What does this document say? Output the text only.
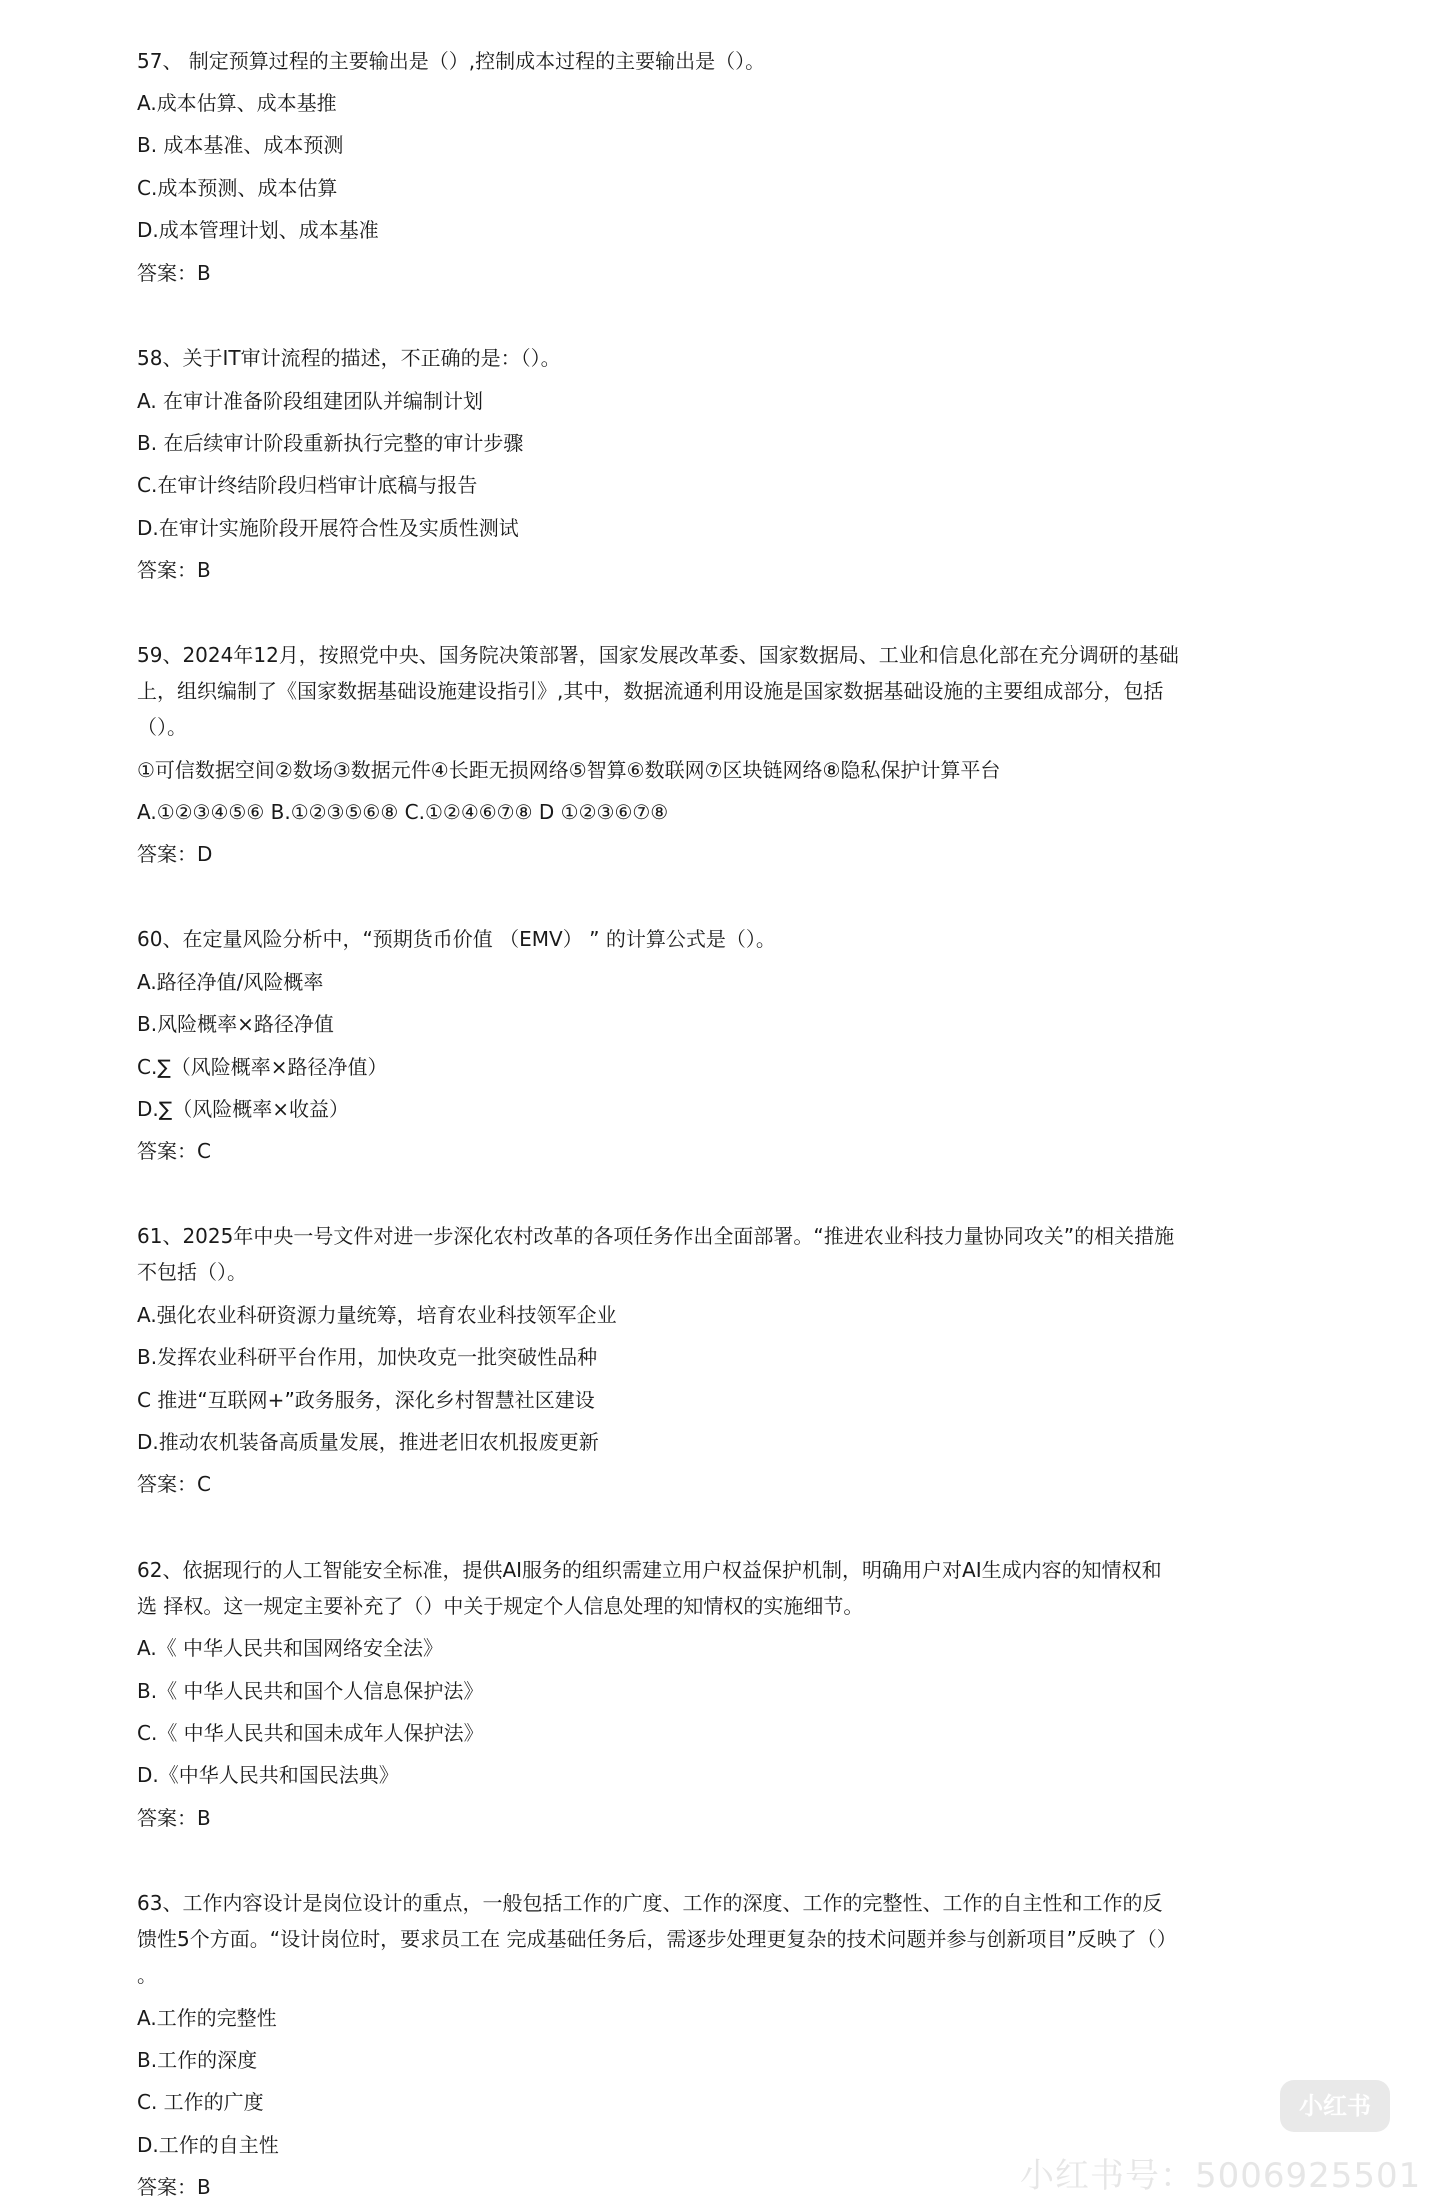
57、 制定预算过程的主要输出是（）,控制成本过程的主要输出是（）。
A.成本估算、成本基推
B. 成本基准、成本预测
C.成本预测、成本估算
D.成本管理计划、成本基准
答案：B
58、关于IT审计流程的描述，不正确的是：（）。
A. 在审计准备阶段组建团队并编制计划
B. 在后续审计阶段重新执行完整的审计步骤
C.在审计终结阶段归档审计底稿与报告
D.在审计实施阶段开展符合性及实质性测试
答案：B
59、2024年12月，按照党中央、国务院决策部署，国家发展改革委、国家数据局、工业和信息化部在充分调研的基础
上，组织编制了《国家数据基础设施建设指引》,其中，数据流通利用设施是国家数据基础设施的主要组成部分，包括
（）。
①可信数据空间②数场③数据元件④长距无损网络⑤智算⑥数联网⑦区块链网络⑧隐私保护计算平台
A.①②③④⑤⑥ B.①②③⑤⑥⑧ C.①②④⑥⑦⑧ D ①②③⑥⑦⑧
答案：D
60、在定量风险分析中，“预期货币价值 （EMV） ” 的计算公式是（）。
A.路径净值/风险概率
B.风险概率×路径净值
C.∑（风险概率×路径净值）
D.∑（风险概率×收益）
答案：C
61、2025年中央一号文件对进一步深化农村改革的各项任务作出全面部署。“推进农业科技力量协同攻关”的相关措施
不包括（）。
A.强化农业科研资源力量统筹，培育农业科技领军企业
B.发挥农业科研平台作用，加快攻克一批突破性品种
C 推进“互联网+”政务服务，深化乡村智慧社区建设
D.推动农机装备高质量发展，推进老旧农机报废更新
答案：C
62、依据现行的人工智能安全标准，提供AI服务的组织需建立用户权益保护机制，明确用户对AI生成内容的知情权和
选 择权。这一规定主要补充了（）中关于规定个人信息处理的知情权的实施细节。
A.《 中华人民共和国网络安全法》
B.《 中华人民共和国个人信息保护法》
C.《 中华人民共和国未成年人保护法》
D.《中华人民共和国民法典》
答案：B
63、工作内容设计是岗位设计的重点，一般包括工作的广度、工作的深度、工作的完整性、工作的自主性和工作的反
馈性5个方面。“设计岗位时，要求员工在 完成基础任务后，需逐步处理更复杂的技术问题并参与创新项目”反映了（）
。
A.工作的完整性
B.工作的深度
C. 工作的广度
D.工作的自主性
答案：B
小红书
小红书号：5006925501
